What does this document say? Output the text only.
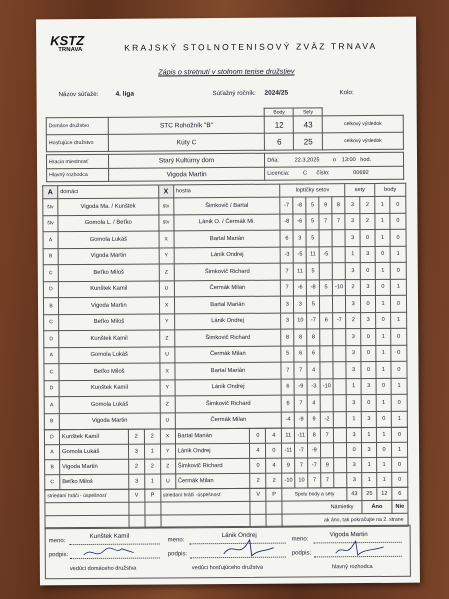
KSTZ
TRNAVA	KRAJSKÝ STOLNOTENISOVÝ ZVÄZ TRNAVA
Zápis o stretnutí v stolnom tenise družstiev
Názov súťaže:	4. liga	Súťažný ročník: 2024/25	Kolo:
		Body	Sety	
Domáce družstvo	STC Rohožník "B"	12	43	celkový výsledok
Hosťujúce družstvo	Kúty C	6	25	celkový výsledok
Hracia miestnosť	Starý Kultúrny dom	Dňa: 22.3.2025 o 13:00 hod.
Hlavný rozhodca	Vigoda Martin	Licencia: C číslo: 00692
A	domáci	X	hostia	loptičky setov					sety		body	
štv	Vigoda Ma. / Kunštek	štv	Šimkovič / Bartal	-7	-8	5	9	8	3	2	1	0
štv	Gomola L. / Beťko	štv	Lánik O. / Čermák Mi.	-8	-6	5	7	7	3	2	1	0
A	Gomola Lukáš	X	Bartal Marián	6	3	5			3	0	1	0
B	Vigoda Martin	Y	Lánik Ondrej	-3	-5	11	-5		1	3	0	1
C	Beťko Miloš	Z	Šimkovič Richard	7	11	5			3	0	1	0
D	Kunštek Kamil	U	Čermák Milan	7	-6	-8	5	-10	2	3	0	1
B	Vigoda Martin	X	Bartal Marián	3	3	5			3	0	1	0
C	Beťko Miloš	Y	Lánik Ondrej	3	10	-7	6	-7	2	3	0	1
D	Kunštek Kamil	Z	Šimkovič Richard	8	8	8			3	0	1	0
A	Gomola Lukáš	U	Čermák Milan	5	6	6			3	0	1	0
C	Beťko Miloš	X	Bartal Marián	7	7	4			3	0	1	0
D	Kunštek Kamil	Y	Lánik Ondrej	6	-9	-3	-10		1	3	0	1
A	Gomola Lukáš	Z	Šimkovič Richard	6	7	4			3	0	1	0
B	Vigoda Martin	U	Čermák Milan	-4	-9	9	-2		1	3	0	1
D	Kunštek Kamil	2	2	X	Bartal Marián	0	4	11	-11	8	7		3	1	1	0
A	Gomola Lukáš	3	1	Y	Lánik Ondrej	4	0	-11	-7	-9			0	3	0	1
B	Vigoda Martin	2	2	Z	Šimkovič Richard	0	4	9	7	-7	9		3	1	1	0
C	Beťko Miloš	3	1	U	Čermák Milan	2	2	-10	10	7	7		3	1	1	0
striedaní hráči - úspešnosť	V	P	striedaní hráči -úspešnosť	V	P	Spolu body a sety	43	25	12	6
						Námietky		Áno		Nie
						ak áno, tak pokračujte na 2. strane				
meno:
Kunštek Kamil
meno:
Lánik Ondrej
meno:
Vigoda Martin
podpis:	podpis:	podpis:
vedúci domáceho družstva	vedúci hosťujúceho družstva	hlavný rozhodca
